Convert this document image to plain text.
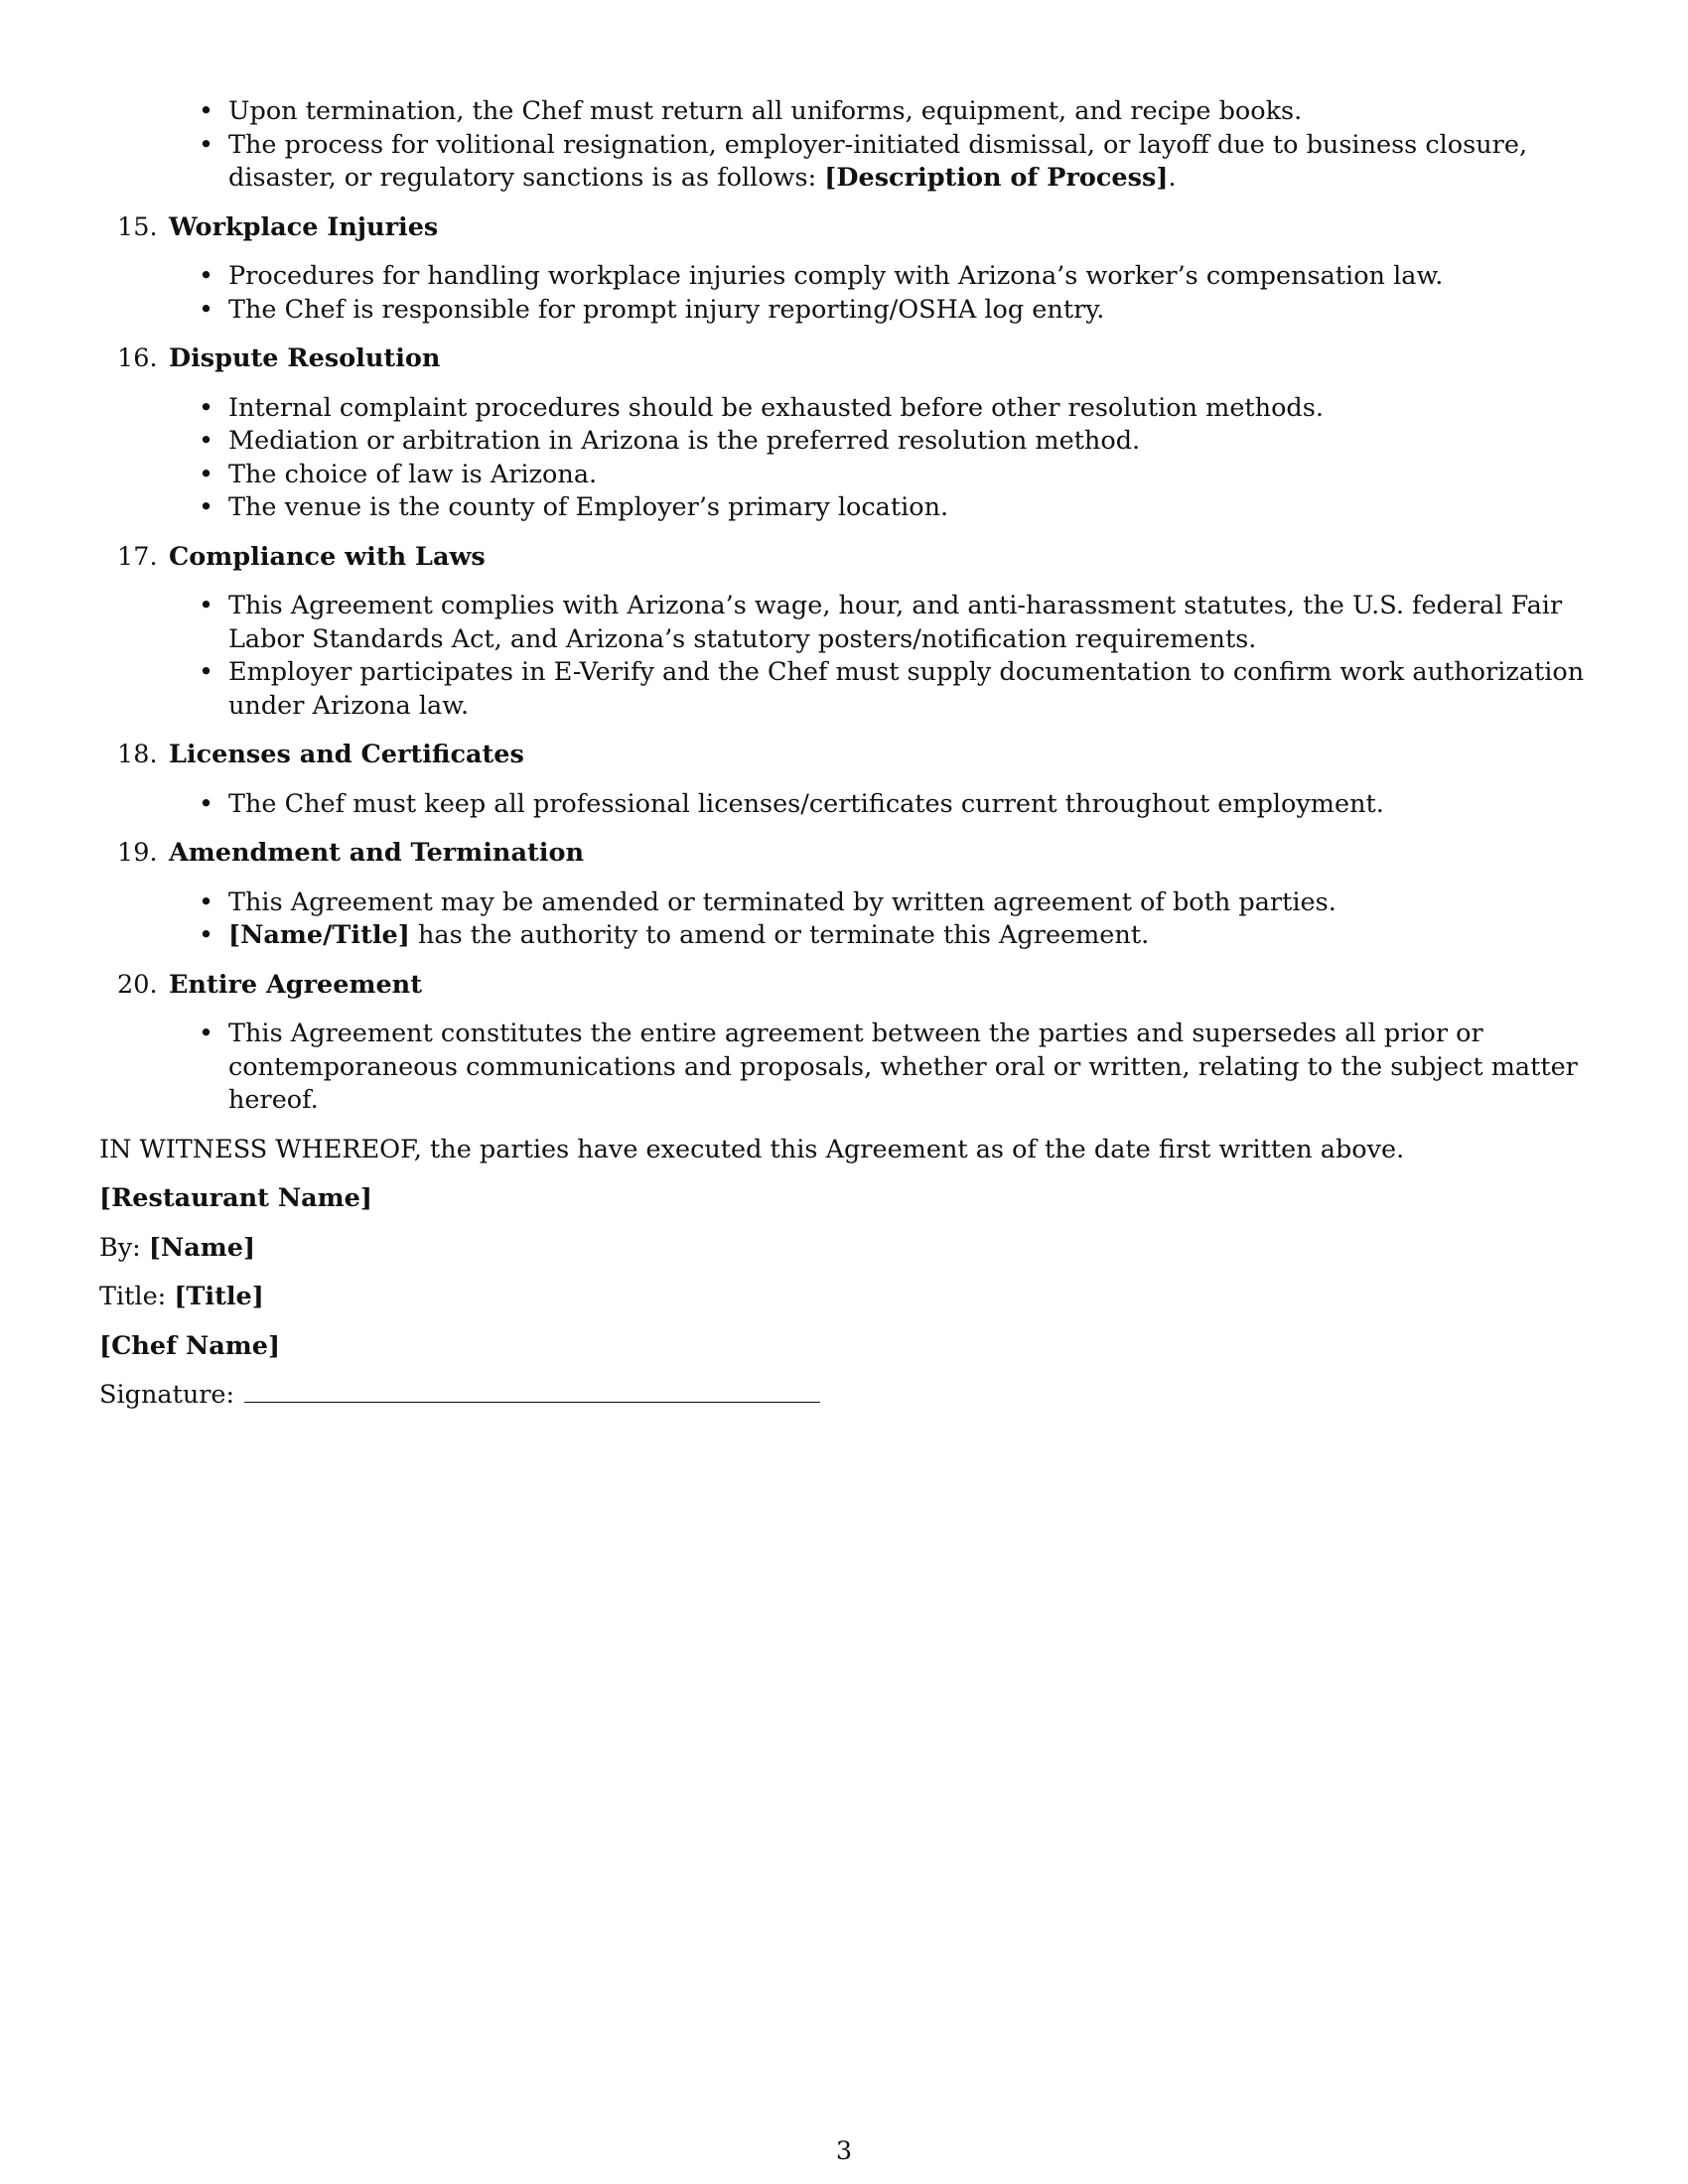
• Upon termination, the Chef must return all uniforms, equipment, and recipe books.
• The process for volitional resignation, employer-initiated dismissal, or layoff due to business closure, disaster, or regulatory sanctions is as follows: [Description of Process].
15. Workplace Injuries
• Procedures for handling workplace injuries comply with Arizona’s worker’s compensation law.
• The Chef is responsible for prompt injury reporting/OSHA log entry.
16. Dispute Resolution
• Internal complaint procedures should be exhausted before other resolution methods.
• Mediation or arbitration in Arizona is the preferred resolution method.
• The choice of law is Arizona.
• The venue is the county of Employer’s primary location.
17. Compliance with Laws
• This Agreement complies with Arizona’s wage, hour, and anti-harassment statutes, the U.S. federal Fair Labor Standards Act, and Arizona’s statutory posters/notification requirements.
• Employer participates in E-Verify and the Chef must supply documentation to confirm work authorization under Arizona law.
18. Licenses and Certificates
• The Chef must keep all professional licenses/certificates current throughout employment.
19. Amendment and Termination
• This Agreement may be amended or terminated by written agreement of both parties.
• [Name/Title] has the authority to amend or terminate this Agreement.
20. Entire Agreement
• This Agreement constitutes the entire agreement between the parties and supersedes all prior or contemporaneous communications and proposals, whether oral or written, relating to the subject matter hereof.
IN WITNESS WHEREOF, the parties have executed this Agreement as of the date first written above.
[Restaurant Name]
By: [Name]
Title: [Title]
[Chef Name]
Signature:
3
